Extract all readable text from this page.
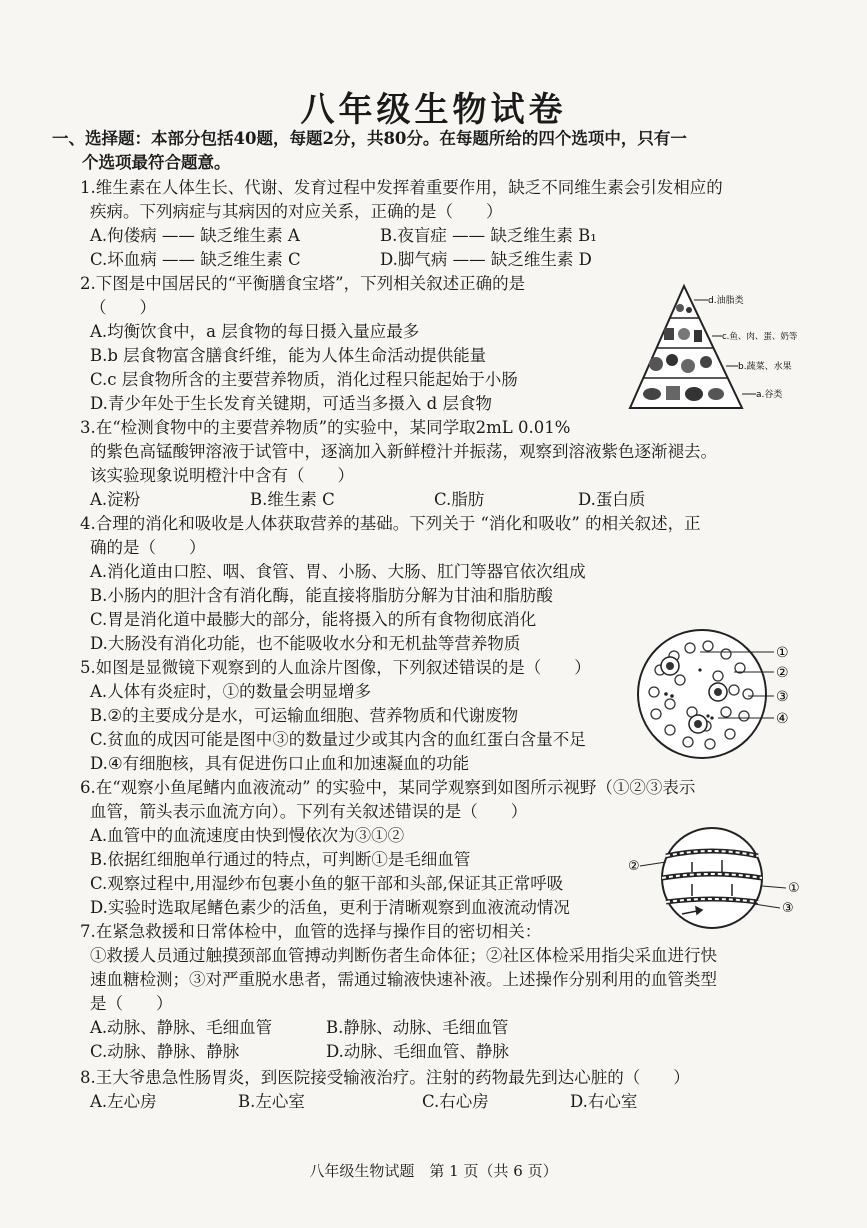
八年级生物试卷
一、选择题：本部分包括40题，每题2分，共80分。在每题所给的四个选项中，只有一
个选项最符合题意。
1.维生素在人体生长、代谢、发育过程中发挥着重要作用，缺乏不同维生素会引发相应的
疾病。下列病症与其病因的对应关系，正确的是（　　）
A.佝偻病 —— 缺乏维生素 A	B.夜盲症 —— 缺乏维生素 B₁
C.坏血病 —— 缺乏维生素 C	D.脚气病 —— 缺乏维生素 D
2.下图是中国居民的“平衡膳食宝塔”，下列相关叙述正确的是
（　　）
A.均衡饮食中，a 层食物的每日摄入量应最多
B.b 层食物富含膳食纤维，能为人体生命活动提供能量
C.c 层食物所含的主要营养物质，消化过程只能起始于小肠
D.青少年处于生长发育关键期，可适当多摄入 d 层食物
d.油脂类
c.鱼、肉、蛋、奶等
b.蔬菜、水果
a.谷类
3.在“检测食物中的主要营养物质”的实验中，某同学取2mL 0.01%
的紫色高锰酸钾溶液于试管中，逐滴加入新鲜橙汁并振荡，观察到溶液紫色逐渐褪去。
该实验现象说明橙汁中含有（　　）
A.淀粉	B.维生素 C	C.脂肪	D.蛋白质
4.合理的消化和吸收是人体获取营养的基础。下列关于 “消化和吸收” 的相关叙述，正
确的是（　　）
A.消化道由口腔、咽、食管、胃、小肠、大肠、肛门等器官依次组成
B.小肠内的胆汁含有消化酶，能直接将脂肪分解为甘油和脂肪酸
C.胃是消化道中最膨大的部分，能将摄入的所有食物彻底消化
D.大肠没有消化功能，也不能吸收水分和无机盐等营养物质	①
②
③
④
5.如图是显微镜下观察到的人血涂片图像，下列叙述错误的是（　　）
A.人体有炎症时，①的数量会明显增多
B.②的主要成分是水，可运输血细胞、营养物质和代谢废物
C.贫血的成因可能是图中③的数量过少或其内含的血红蛋白含量不足
D.④有细胞核，具有促进伤口止血和加速凝血的功能
6.在“观察小鱼尾鳍内血液流动” 的实验中，某同学观察到如图所示视野（①②③表示
血管，箭头表示血流方向）。下列有关叙述错误的是（　　）
A.血管中的血流速度由快到慢依次为③①②
B.依据红细胞单行通过的特点，可判断①是毛细血管
C.观察过程中,用湿纱布包裹小鱼的躯干部和头部,保证其正常呼吸
D.实验时选取尾鳍色素少的活鱼，更利于清晰观察到血液流动情况
②
①
③
7.在紧急救援和日常体检中，血管的选择与操作目的密切相关：
①救援人员通过触摸颈部血管搏动判断伤者生命体征；②社区体检采用指尖采血进行快
速血糖检测；③对严重脱水患者，需通过输液快速补液。上述操作分别利用的血管类型
是（　　）
A.动脉、静脉、毛细血管	B.静脉、动脉、毛细血管
C.动脉、静脉、静脉	D.动脉、毛细血管、静脉
8.王大爷患急性肠胃炎，到医院接受输液治疗。注射的药物最先到达心脏的（　　）
A.左心房	B.左心室	C.右心房	D.右心室
八年级生物试题　第 1 页（共 6 页）
